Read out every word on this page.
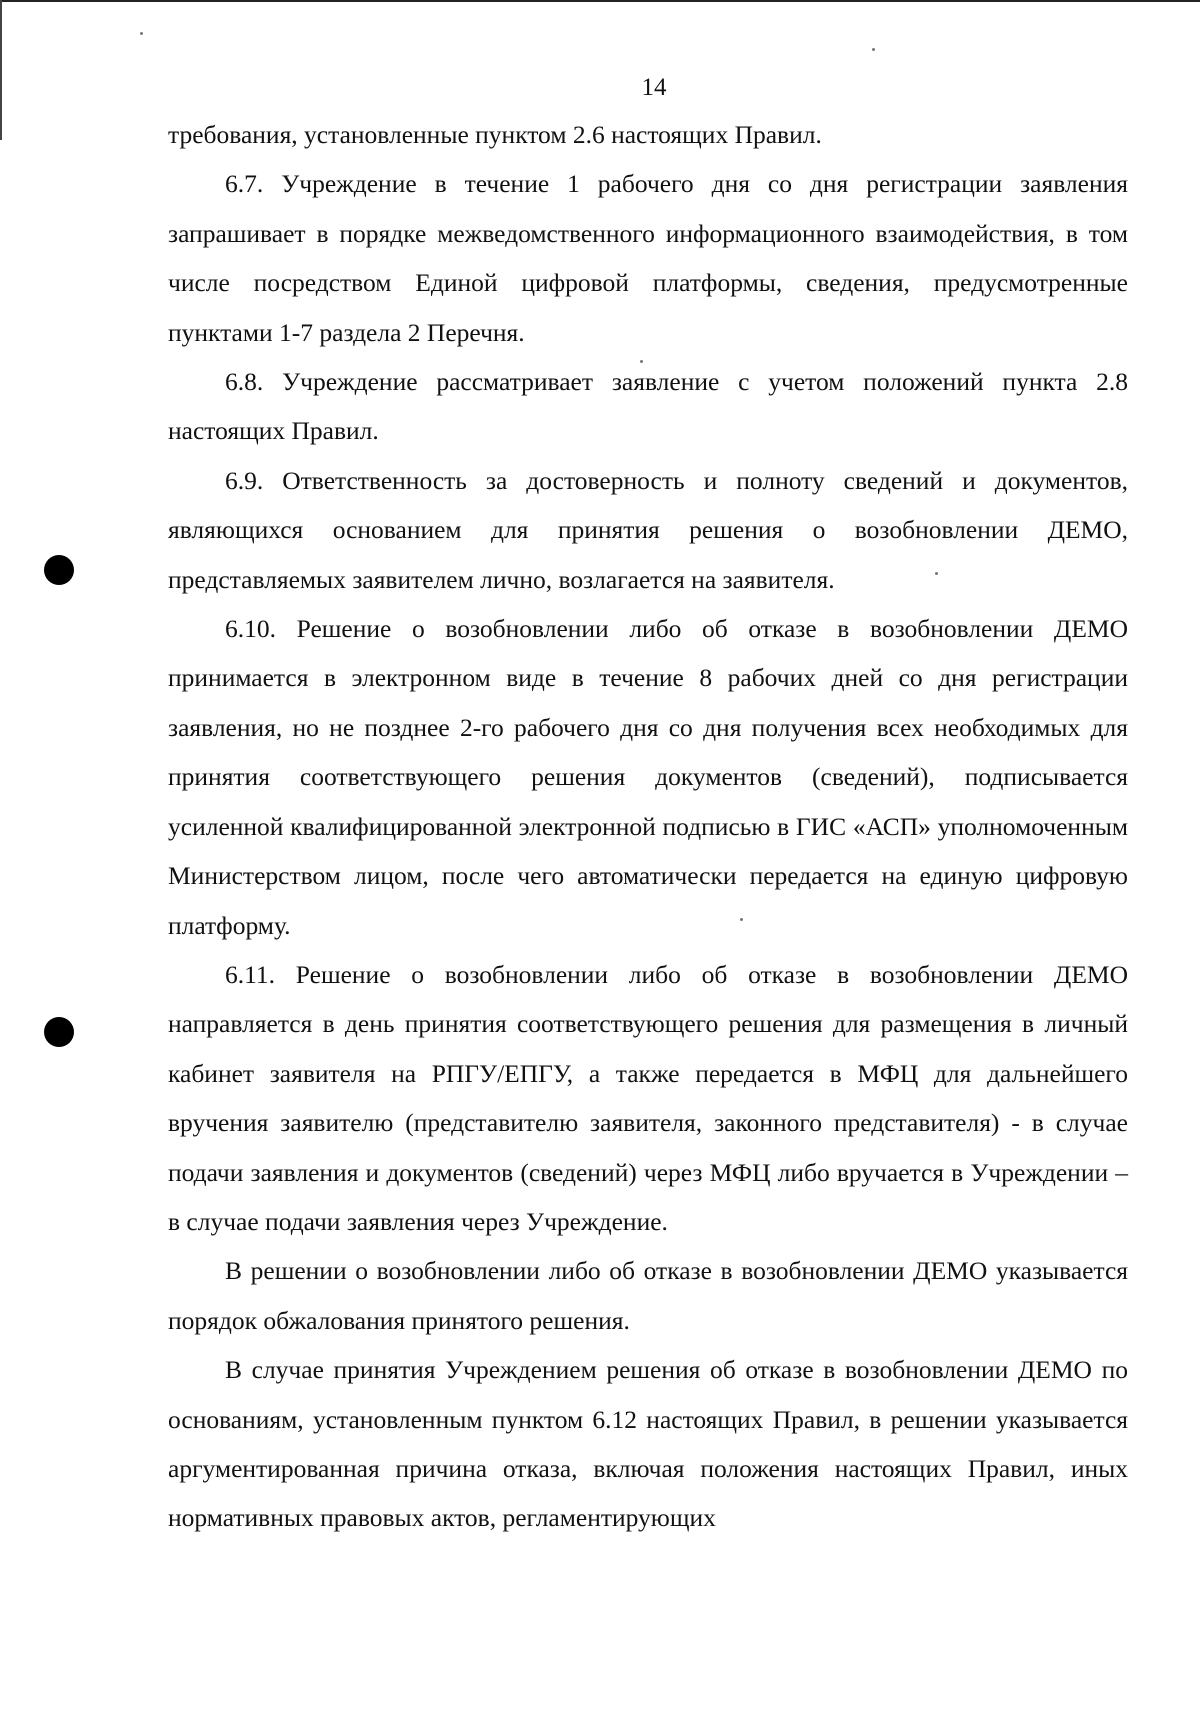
14

требования, установленные пунктом 2.6 настоящих Правил.

6.7. Учреждение в течение 1 рабочего дня со дня регистрации заявления запрашивает в порядке межведомственного информационного взаимодействия, в том числе посредством Единой цифровой платформы, сведения, предусмотренные пунктами 1-7 раздела 2 Перечня.

6.8. Учреждение рассматривает заявление с учетом положений пункта 2.8 настоящих Правил.

6.9. Ответственность за достоверность и полноту сведений и документов, являющихся основанием для принятия решения о возобновлении ДЕМО, представляемых заявителем лично, возлагается на заявителя.

6.10. Решение о возобновлении либо об отказе в возобновлении ДЕМО принимается в электронном виде в течение 8 рабочих дней со дня регистрации заявления, но не позднее 2-го рабочего дня со дня получения всех необходимых для принятия соответствующего решения документов (сведений), подписывается усиленной квалифицированной электронной подписью в ГИС «АСП» уполномоченным Министерством лицом, после чего автоматически передается на единую цифровую платформу.

6.11. Решение о возобновлении либо об отказе в возобновлении ДЕМО направляется в день принятия соответствующего решения для размещения в личный кабинет заявителя на РПГУ/ЕПГУ, а также передается в МФЦ для дальнейшего вручения заявителю (представителю заявителя, законного представителя) - в случае подачи заявления и документов (сведений) через МФЦ либо вручается в Учреждении – в случае подачи заявления через Учреждение.

В решении о возобновлении либо об отказе в возобновлении ДЕМО указывается порядок обжалования принятого решения.

В случае принятия Учреждением решения об отказе в возобновлении ДЕМО по основаниям, установленным пунктом 6.12 настоящих Правил, в решении указывается аргументированная причина отказа, включая положения настоящих Правил, иных нормативных правовых актов, регламентирующих
